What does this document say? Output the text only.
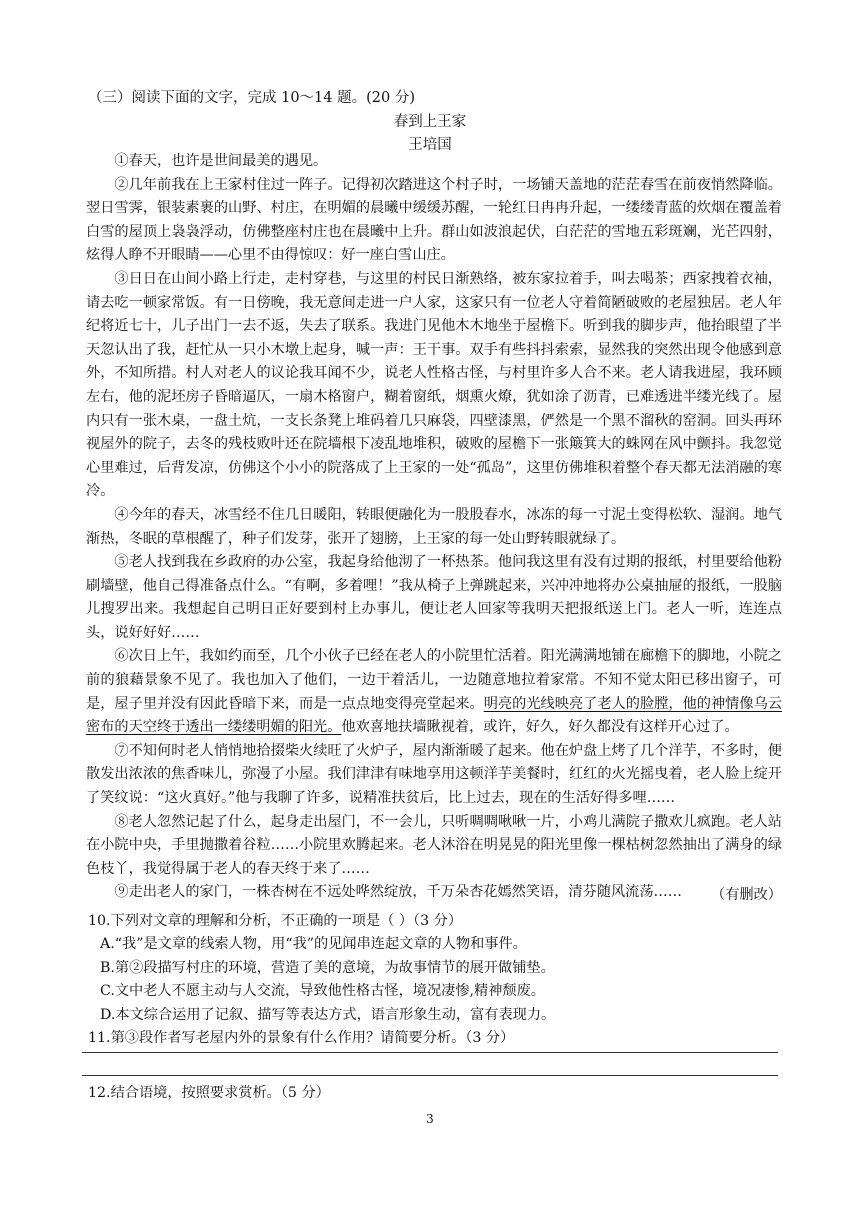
（三）阅读下面的文字，完成 10～14 题。(20 分)
春到上王家
王培国

①春天，也许是世间最美的遇见。

②几年前我在上王家村住过一阵子。记得初次踏进这个村子时，一场铺天盖地的茫茫春雪在前夜悄然降临。翌日雪霁，银装素裹的山野、村庄，在明媚的晨曦中缓缓苏醒，一轮红日冉冉升起，一缕缕青蓝的炊烟在覆盖着白雪的屋顶上袅袅浮动，仿佛整座村庄也在晨曦中上升。群山如波浪起伏，白茫茫的雪地五彩斑斓，光芒四射，炫得人睁不开眼睛——心里不由得惊叹：好一座白雪山庄。

③日日在山间小路上行走，走村穿巷，与这里的村民日渐熟络，被东家拉着手，叫去喝茶；西家拽着衣袖，请去吃一顿家常饭。有一日傍晚，我无意间走进一户人家，这家只有一位老人守着简陋破败的老屋独居。老人年纪将近七十，儿子出门一去不返，失去了联系。我进门见他木木地坐于屋檐下。听到我的脚步声，他抬眼望了半天忽认出了我，赶忙从一只小木墩上起身，喊一声：王干事。双手有些抖抖索索，显然我的突然出现令他感到意外，不知所措。村人对老人的议论我耳闻不少，说老人性格古怪，与村里许多人合不来。老人请我进屋，我环顾左右，他的泥坯房子昏暗逼仄，一扇木格窗户，糊着窗纸，烟熏火燎，犹如涂了沥青，已难透进半缕光线了。屋内只有一张木桌，一盘土炕，一支长条凳上堆码着几只麻袋，四壁漆黑，俨然是一个黑不溜秋的窑洞。回头再环视屋外的院子，去冬的残枝败叶还在院墙根下凌乱地堆积，破败的屋檐下一张簸箕大的蛛网在风中颤抖。我忽觉心里难过，后背发凉，仿佛这个小小的院落成了上王家的一处“孤岛”，这里仿佛堆积着整个春天都无法消融的寒冷。

④今年的春天，冰雪经不住几日暖阳，转眼便融化为一股股春水，冰冻的每一寸泥土变得松软、湿润。地气渐热，冬眠的草根醒了，种子们发芽，张开了翅膀，上王家的每一处山野转眼就绿了。

⑤老人找到我在乡政府的办公室，我起身给他沏了一杯热茶。他问我这里有没有过期的报纸，村里要给他粉刷墙壁，他自己得准备点什么。“有啊，多着哩！”我从椅子上弹跳起来，兴冲冲地将办公桌抽屉的报纸，一股脑儿搜罗出来。我想起自己明日正好要到村上办事儿，便让老人回家等我明天把报纸送上门。老人一听，连连点头，说好好好……

⑥次日上午，我如约而至，几个小伙子已经在老人的小院里忙活着。阳光满满地铺在廊檐下的脚地，小院之前的狼藉景象不见了。我也加入了他们，一边干着活儿，一边随意地拉着家常。不知不觉太阳已移出窗子，可是，屋子里并没有因此昏暗下来，而是一点点地变得亮堂起来。明亮的光线映亮了老人的脸膛，他的神情像乌云密布的天空终于透出一缕缕明媚的阳光。他欢喜地扶墙瞅视着，或许，好久，好久都没有这样开心过了。

⑦不知何时老人悄悄地拾掇柴火续旺了火炉子，屋内渐渐暖了起来。他在炉盘上烤了几个洋芋，不多时，便散发出浓浓的焦香味儿，弥漫了小屋。我们津津有味地享用这顿洋芋美餐时，红红的火光摇曳着，老人脸上绽开了笑纹说：“这火真好。”他与我聊了许多，说精准扶贫后，比上过去，现在的生活好得多哩……

⑧老人忽然记起了什么，起身走出屋门，不一会儿，只听啁啁啾啾一片，小鸡儿满院子撒欢儿疯跑。老人站在小院中央，手里抛撒着谷粒……小院里欢腾起来。老人沐浴在明晃晃的阳光里像一棵枯树忽然抽出了满身的绿色枝丫，我觉得属于老人的春天终于来了……

⑨走出老人的家门，一株杏树在不远处哗然绽放，千万朵杏花嫣然笑语，清芬随风流荡……	（有删改）

10.下列对文章的理解和分析，不正确的一项是（ ）（3 分）

A.“我”是文章的线索人物，用“我”的见闻串连起文章的人物和事件。

B.第②段描写村庄的环境，营造了美的意境，为故事情节的展开做铺垫。

C.文中老人不愿主动与人交流，导致他性格古怪，境况凄惨,精神颓废。

D.本文综合运用了记叙、描写等表达方式，语言形象生动，富有表现力。

11.第③段作者写老屋内外的景象有什么作用？请简要分析。（3 分）

12.结合语境，按照要求赏析。（5 分）
3
